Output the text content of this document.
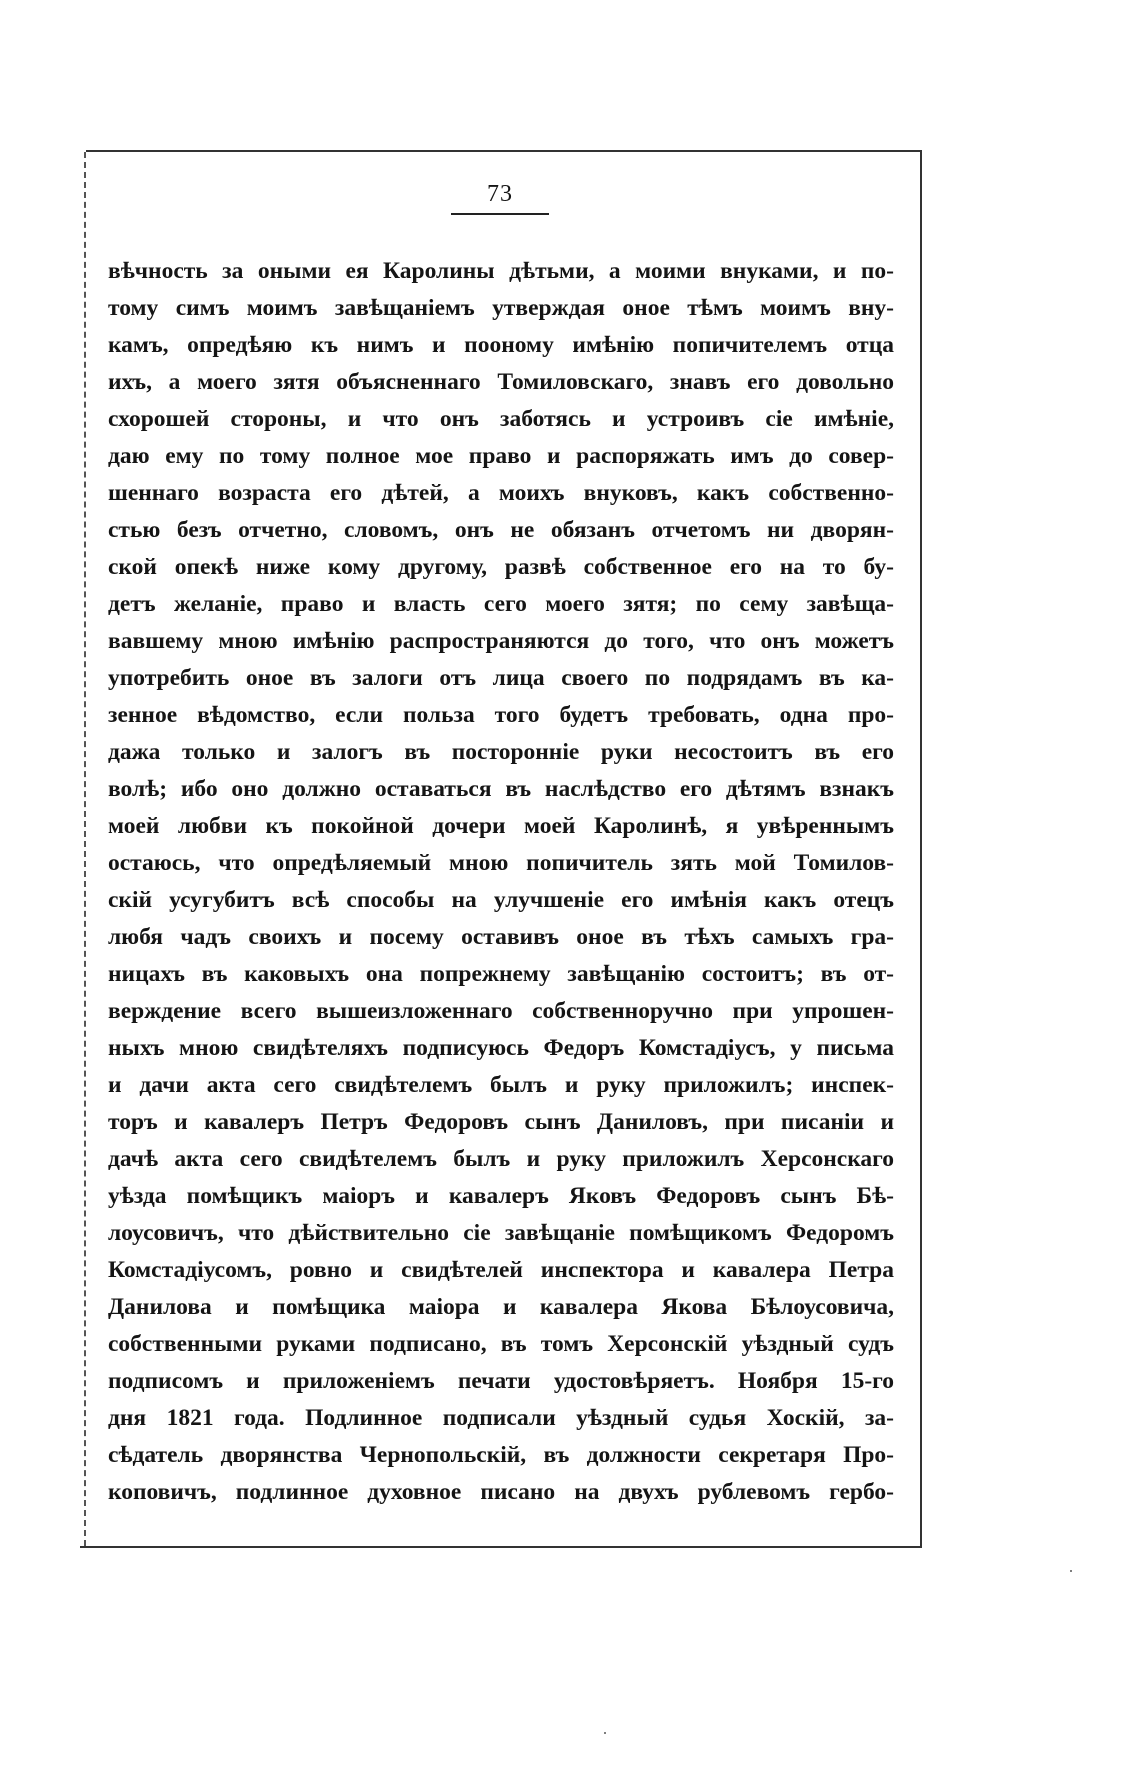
73
вѣчность за оными ея Каролины дѣтьми, а моими внуками, и по-
тому симъ моимъ завѣщаніемъ утверждая оное тѣмъ моимъ вну-
камъ, опредѣяю къ нимъ и пооному имѣнію попичителемъ отца
ихъ, а моего зятя объясненнаго Томиловскаго, знавъ его довольно
схорошей стороны, и что онъ заботясь и устроивъ сіе имѣніе,
даю ему по тому полное мое право и распоряжать имъ до совер-
шеннаго возраста его дѣтей, а моихъ внуковъ, какъ собственно-
стью безъ отчетно, словомъ, онъ не обязанъ отчетомъ ни дворян-
ской опекѣ ниже кому другому, развѣ собственное его на то бу-
детъ желаніе, право и власть сего моего зятя; по сему завѣща-
вавшему мною имѣнію распространяются до того, что онъ можетъ
употребить оное въ залоги отъ лица своего по подрядамъ въ ка-
зенное вѣдомство, если польза того будетъ требовать, одна про-
дажа только и залогъ въ посторонніе руки несостоитъ въ его
волѣ; ибо оно должно оставаться въ наслѣдство его дѣтямъ взнакъ
моей любви къ покойной дочери моей Каролинѣ, я увѣреннымъ
остаюсь, что опредѣляемый мною попичитель зять мой Томилов-
скій усугубитъ всѣ способы на улучшеніе его имѣнія какъ отецъ
любя чадъ своихъ и посему оставивъ оное въ тѣхъ самыхъ гра-
ницахъ въ каковыхъ она попрежнему завѣщанію состоитъ; въ от-
верждение всего вышеизложеннаго собственноручно при упрошен-
ныхъ мною свидѣтеляхъ подписуюсь Федоръ Комстадіусъ, у письма
и дачи акта сего свидѣтелемъ былъ и руку приложилъ; инспек-
торъ и кавалеръ Петръ Федоровъ сынъ Даниловъ, при писаніи и
дачѣ акта сего свидѣтелемъ былъ и руку приложилъ Херсонскаго
уѣзда помѣщикъ маіоръ и кавалеръ Яковъ Федоровъ сынъ Бѣ-
лоусовичъ, что дѣйствительно сіе завѣщаніе помѣщикомъ Федоромъ
Комстадіусомъ, ровно и свидѣтелей инспектора и кавалера Петра
Данилова и помѣщика маіора и кавалера Якова Бѣлоусовича,
собственными руками подписано, въ томъ Херсонскій уѣздный судъ
подписомъ и приложеніемъ печати удостовѣряетъ. Ноября 15-го
дня 1821 года. Подлинное подписали уѣздный судья Хоскій, за-
сѣдатель дворянства Чернопольскій, въ должности секретаря Про-
коповичъ, подлинное духовное писано на двухъ рублевомъ гербо-
